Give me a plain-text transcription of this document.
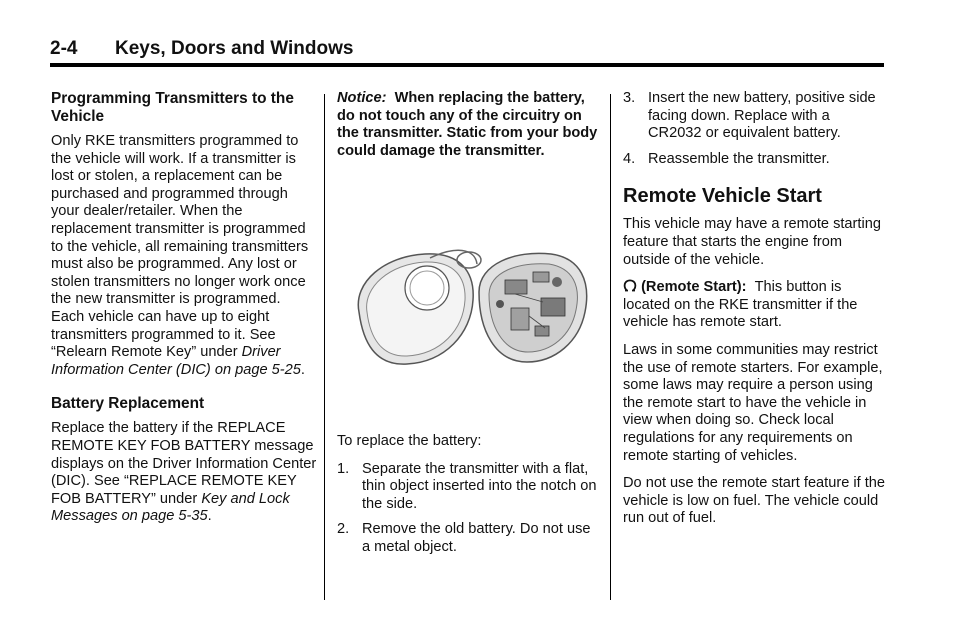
2-4 Keys, Doors and Windows
Programming Transmitters to the Vehicle

Only RKE transmitters programmed to the vehicle will work. If a transmitter is lost or stolen, a replacement can be purchased and programmed through your dealer/retailer. When the replacement transmitter is programmed to the vehicle, all remaining transmitters must also be programmed. Any lost or stolen transmitters no longer work once the new transmitter is programmed. Each vehicle can have up to eight transmitters programmed to it. See “Relearn Remote Key” under Driver Information Center (DIC) on page 5-25.

Battery Replacement

Replace the battery if the REPLACE REMOTE KEY FOB BATTERY message displays on the Driver Information Center (DIC). See “REPLACE REMOTE KEY FOB BATTERY” under Key and Lock Messages on page 5-35.

Notice: When replacing the battery, do not touch any of the circuitry on the transmitter. Static from your body could damage the transmitter.

To replace the battery:

1. Separate the transmitter with a flat, thin object inserted into the notch on the side.
2. Remove the old battery. Do not use a metal object.
3. Insert the new battery, positive side facing down. Replace with a CR2032 or equivalent battery.
4. Reassemble the transmitter.
Remote Vehicle Start

This vehicle may have a remote starting feature that starts the engine from outside of the vehicle.

(Remote Start): This button is located on the RKE transmitter if the vehicle has remote start.

Laws in some communities may restrict the use of remote starters. For example, some laws may require a person using the remote start to have the vehicle in view when doing so. Check local regulations for any requirements on remote starting of vehicles.

Do not use the remote start feature if the vehicle is low on fuel. The vehicle could run out of fuel.
